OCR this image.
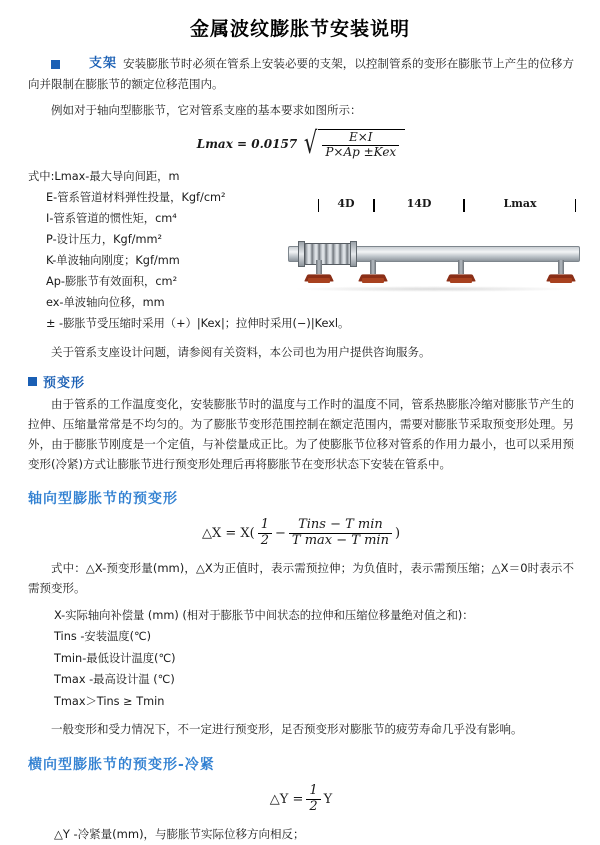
金属波纹膨胀节安装说明

支架 安装膨胀节时必须在管系上安装必要的支架，以控制管系的变形在膨胀节上产生的位移方向并限制在膨胀节的额定位移范围内。

例如对于轴向型膨胀节，它对管系支座的基本要求如图所示：

Lmax = 0.0157 √ $\frac{E\times I}{\text{P×Ap ±Kex}}$
式中:Lmax-最大导向间距，m
E-管系管道材料弹性投量，Kgf/cm²
I-管系管道的惯性矩，cm⁴
P-设计压力，Kgf/mm²
K-单波轴向刚度；Kgf/mm
Ap-膨胀节有效面积，cm²
ex-单波轴向位移，mm
± -膨胀节受压缩时采用（+）|Kex|；拉伸时采用(−)|Kexl。

关于管系支座设计问题，请参阅有关资料，本公司也为用户提供咨询服务。

预变形

由于管系的工作温度变化，安装膨胀节时的温度与工作时的温度不同，管系热膨胀冷缩对膨胀节产生的拉伸、压缩量常常是不均匀的。为了膨胀节变形范围控制在额定范围内，需要对膨胀节采取预变形处理。另外，由于膨胀节刚度是一个定值，与补偿量成正比。为了使膨胀节位移对管系的作用力最小，也可以采用预变形(冷紧)方式让膨胀节进行预变形处理后再将膨胀节在变形状态下安装在管系中。

轴向型膨胀节的预变形
△X = $X( \frac{1}{2} - \frac{\text{Tins − T min}}{\text{T max − T min}}$ )

式中：△X-预变形量(mm)，△X为正值时，表示需预拉伸；为负值时，表示需预压缩；△X＝0时表示不需预变形。

X-实际轴向补偿量 (mm) (相对于膨胀节中间状态的拉伸和压缩位移量绝对值之和)：
Tins -安装温度(℃)
Tmin-最低设计温度(℃)
Tmax -最高设计温 (℃)
Tmax＞Tins ≥ Tmin

一般变形和受力情况下，不一定进行预变形，足否预变形对膨胀节的疲劳寿命几乎没有影响。

横向型膨胀节的预变形-冷紧
△Y = $\frac{1}{2}$ Y

△Y -冷紧量(mm)，与膨胀节实际位移方向相反；

4D	14D	Lmax
